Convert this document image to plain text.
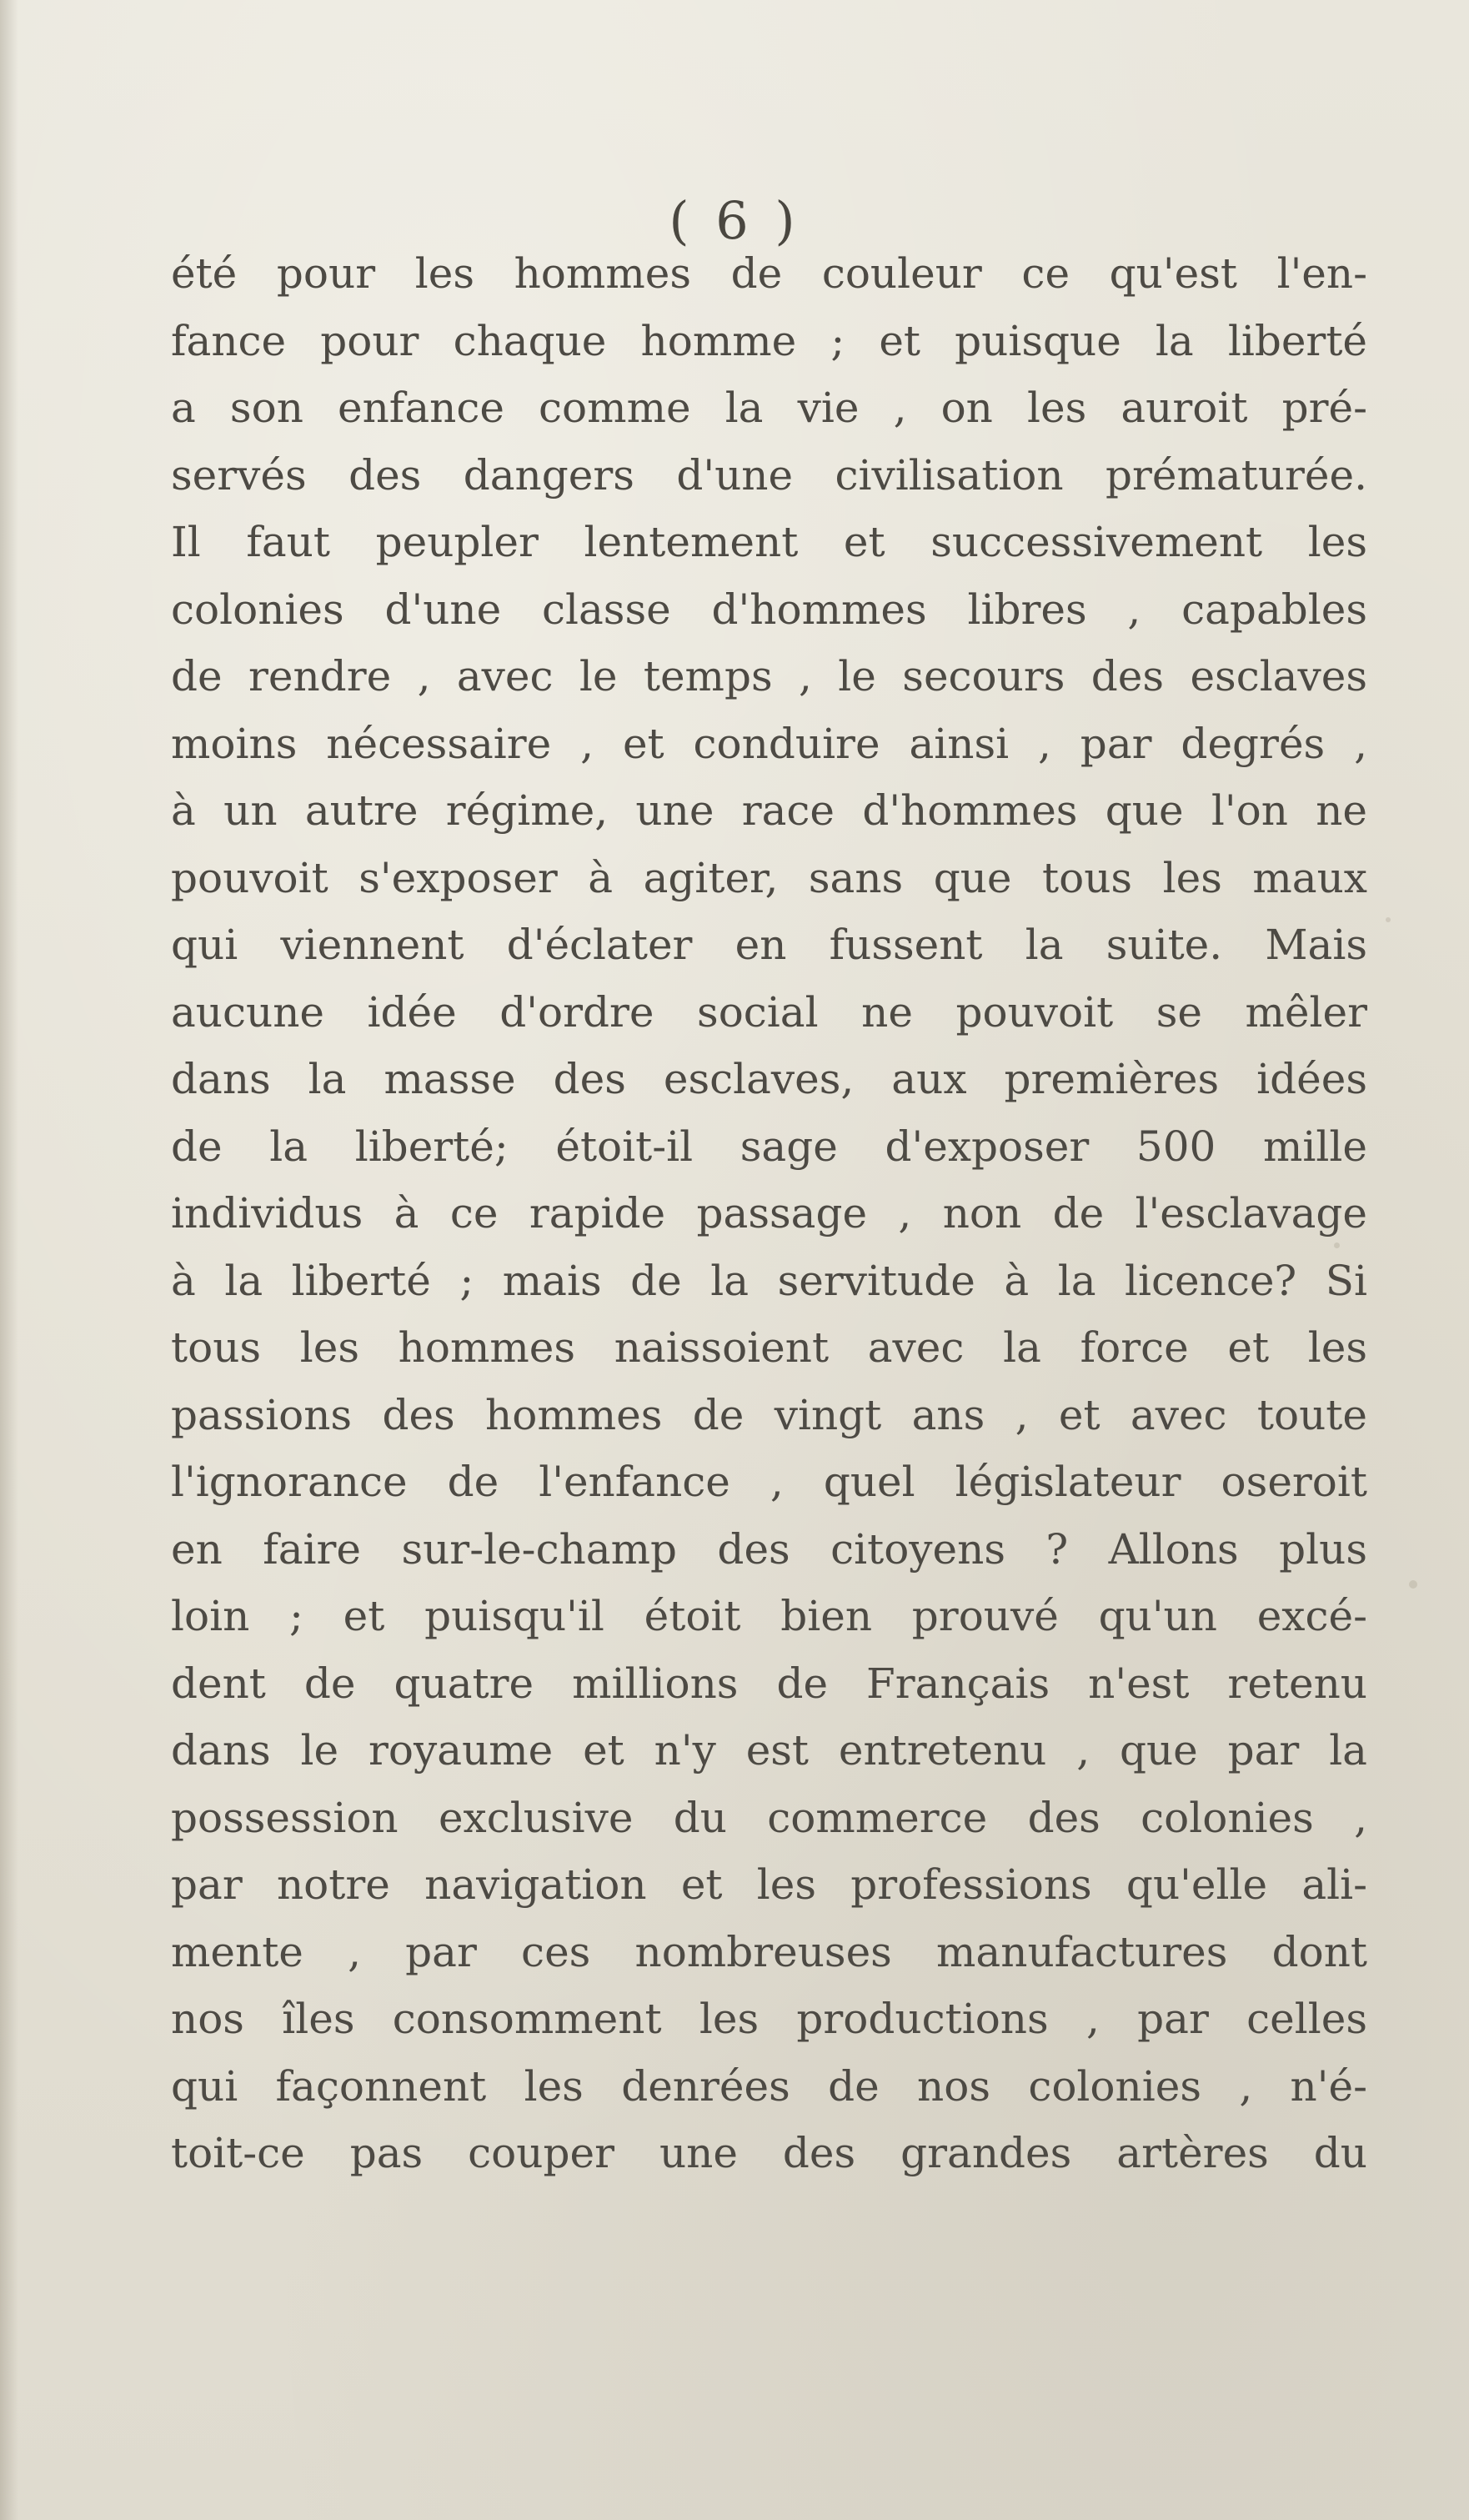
( 6 )
été pour les hommes de couleur ce qu'est l'en-
fance pour chaque homme ; et puisque la liberté
a son enfance comme la vie , on les auroit pré-
servés des dangers d'une civilisation prématurée.
Il faut peupler lentement et successivement les
colonies d'une classe d'hommes libres , capables
de rendre , avec le temps , le secours des esclaves
moins nécessaire , et conduire ainsi , par degrés ,
à un autre régime, une race d'hommes que l'on ne
pouvoit s'exposer à agiter, sans que tous les maux
qui viennent d'éclater en fussent la suite. Mais
aucune idée d'ordre social ne pouvoit se mêler
dans la masse des esclaves, aux premières idées
de la liberté; étoit-il sage d'exposer 500 mille
individus à ce rapide passage , non de l'esclavage
à la liberté ; mais de la servitude à la licence? Si
tous les hommes naissoient avec la force et les
passions des hommes de vingt ans , et avec toute
l'ignorance de l'enfance , quel législateur oseroit
en faire sur-le-champ des citoyens ? Allons plus
loin ; et puisqu'il étoit bien prouvé qu'un excé-
dent de quatre millions de Français n'est retenu
dans le royaume et n'y est entretenu , que par la
possession exclusive du commerce des colonies ,
par notre navigation et les professions qu'elle ali-
mente , par ces nombreuses manufactures dont
nos îles consomment les productions , par celles
qui façonnent les denrées de nos colonies , n'é-
toit-ce pas couper une des grandes artères du
